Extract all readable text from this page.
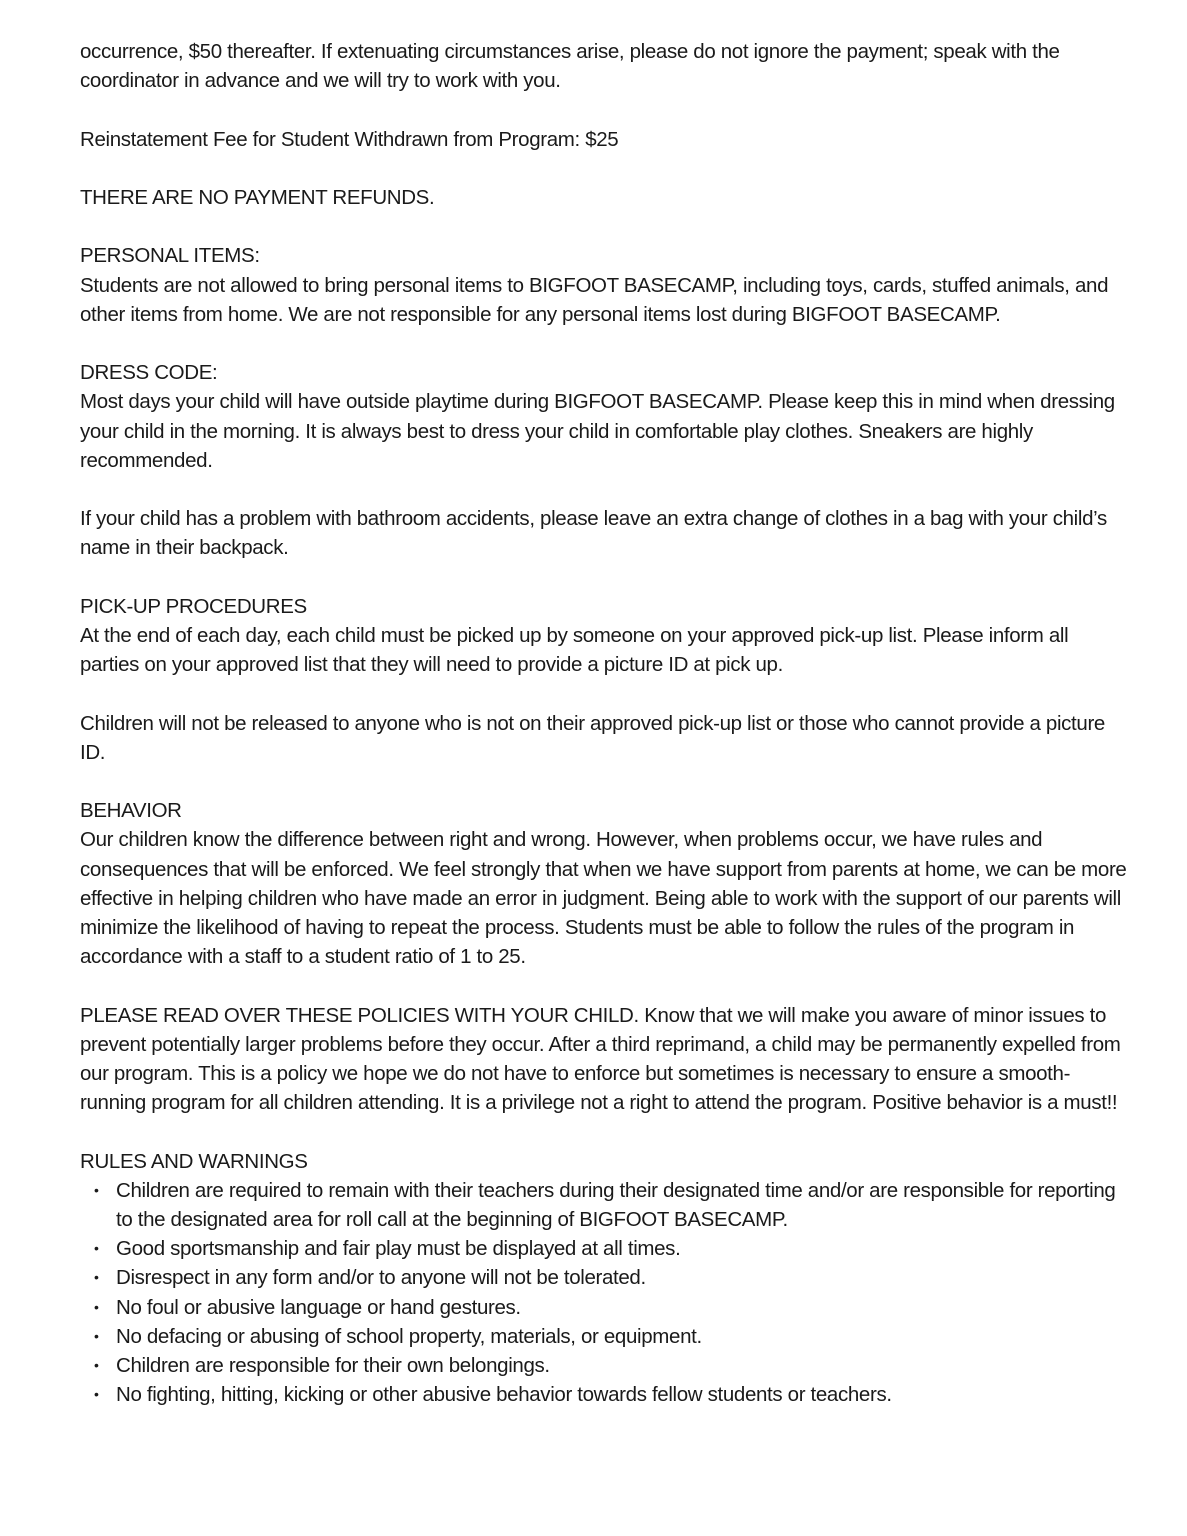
occurrence, $50 thereafter. If extenuating circumstances arise, please do not ignore the payment; speak with the coordinator in advance and we will try to work with you.

Reinstatement Fee for Student Withdrawn from Program: $25

THERE ARE NO PAYMENT REFUNDS.

PERSONAL ITEMS:
Students are not allowed to bring personal items to BIGFOOT BASECAMP, including toys, cards, stuffed animals, and other items from home. We are not responsible for any personal items lost during BIGFOOT BASECAMP.

DRESS CODE:
Most days your child will have outside playtime during BIGFOOT BASECAMP. Please keep this in mind when dressing your child in the morning. It is always best to dress your child in comfortable play clothes. Sneakers are highly recommended.

If your child has a problem with bathroom accidents, please leave an extra change of clothes in a bag with your child’s name in their backpack.

PICK-UP PROCEDURES
At the end of each day, each child must be picked up by someone on your approved pick-up list. Please inform all parties on your approved list that they will need to provide a picture ID at pick up.

Children will not be released to anyone who is not on their approved pick-up list or those who cannot provide a picture ID.

BEHAVIOR
Our children know the difference between right and wrong. However, when problems occur, we have rules and consequences that will be enforced. We feel strongly that when we have support from parents at home, we can be more effective in helping children who have made an error in judgment. Being able to work with the support of our parents will minimize the likelihood of having to repeat the process. Students must be able to follow the rules of the program in accordance with a staff to a student ratio of 1 to 25.

PLEASE READ OVER THESE POLICIES WITH YOUR CHILD. Know that we will make you aware of minor issues to prevent potentially larger problems before they occur. After a third reprimand, a child may be permanently expelled from our program. This is a policy we hope we do not have to enforce but sometimes is necessary to ensure a smooth-running program for all children attending. It is a privilege not a right to attend the program. Positive behavior is a must!!

RULES AND WARNINGS
• Children are required to remain with their teachers during their designated time and/or are responsible for reporting to the designated area for roll call at the beginning of BIGFOOT BASECAMP.
• Good sportsmanship and fair play must be displayed at all times.
• Disrespect in any form and/or to anyone will not be tolerated.
• No foul or abusive language or hand gestures.
• No defacing or abusing of school property, materials, or equipment.
• Children are responsible for their own belongings.
• No fighting, hitting, kicking or other abusive behavior towards fellow students or teachers.
